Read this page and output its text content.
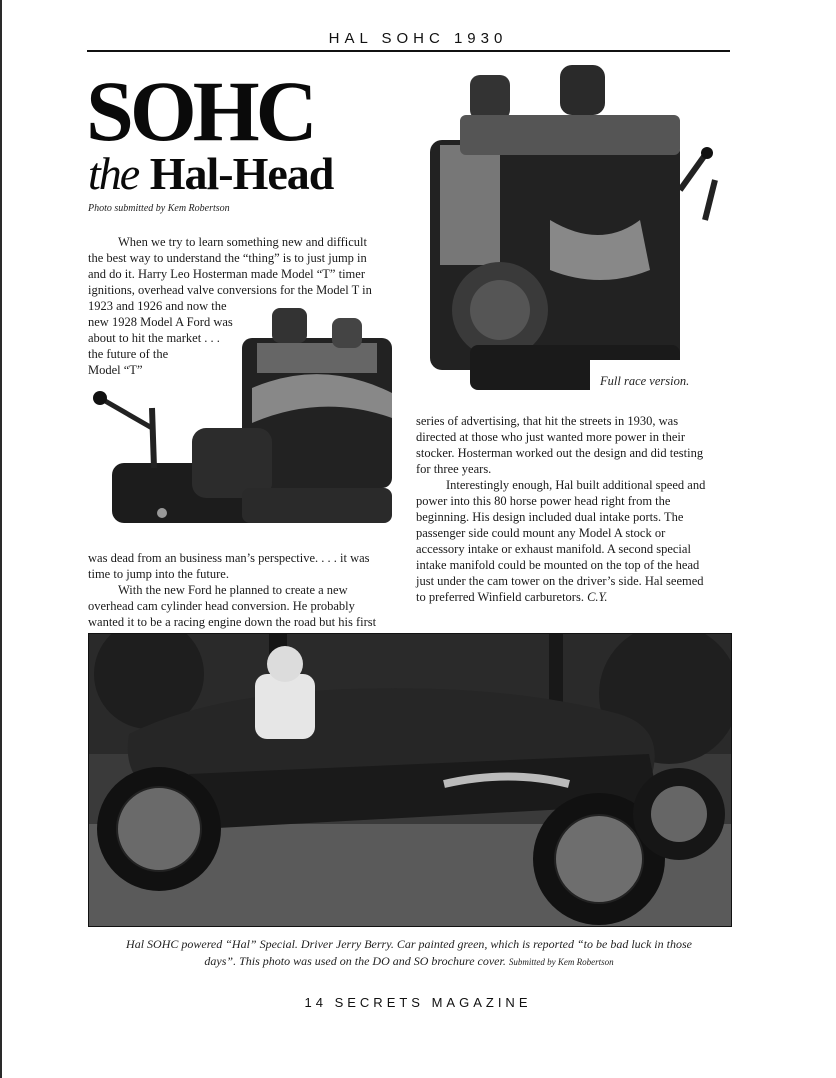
HAL SOHC 1930
SOHC
the Hal-Head
Photo submitted by Kem Robertson
When we try to learn something new and difficult
the best way to understand the “thing” is to just jump in
and do it. Harry Leo Hosterman made Model “T” timer
ignitions, overhead valve conversions for the Model T in
1923 and 1926 and now the
new 1928 Model A Ford was
about to hit the market . . .
the future of the
Model “T”
was dead from an business man’s perspective. . . . it was
time to jump into the future.
With the new Ford he planned to create a new
overhead cam cylinder head conversion. He probably
wanted it to be a racing engine down the road but his first
Full race version.
series of advertising, that hit the streets in 1930, was
directed at those who just wanted more power in their
stocker. Hosterman worked out the design and did testing
for three years.
Interestingly enough, Hal built additional speed and
power into this 80 horse power head right from the
beginning. His design included dual intake ports. The
passenger side could mount any Model A stock or
accessory intake or exhaust manifold. A second special
intake manifold could be mounted on the top of the head
just under the cam tower on the driver’s side. Hal seemed
to preferred Winfield carburetors. C.Y.
Hal SOHC powered “Hal” Special. Driver Jerry Berry. Car painted green, which is reported “to be bad luck in those
days”. This photo was used on the DO and SO brochure cover. Submitted by Kem Robertson
14 SECRETS MAGAZINE
